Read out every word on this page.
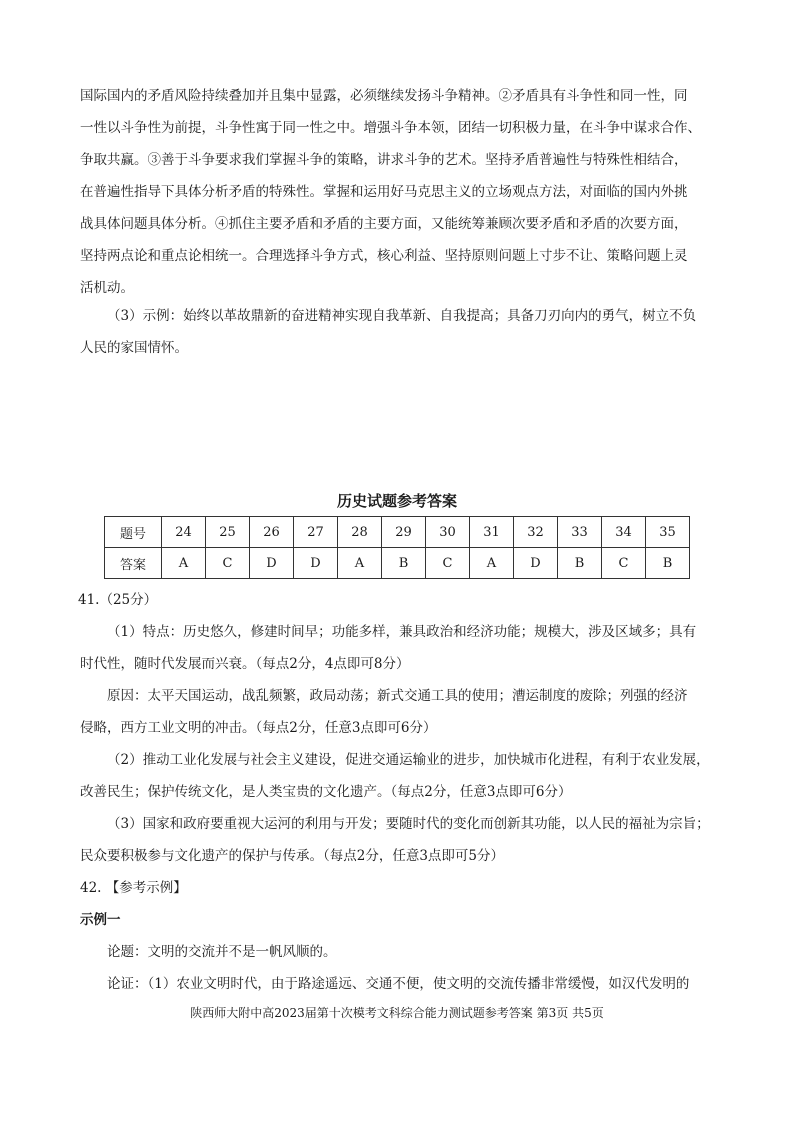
国际国内的矛盾风险持续叠加并且集中显露，必须继续发扬斗争精神。②矛盾具有斗争性和同一性，同
一性以斗争性为前提，斗争性寓于同一性之中。增强斗争本领，团结一切积极力量，在斗争中谋求合作、
争取共赢。③善于斗争要求我们掌握斗争的策略，讲求斗争的艺术。坚持矛盾普遍性与特殊性相结合，
在普遍性指导下具体分析矛盾的特殊性。掌握和运用好马克思主义的立场观点方法，对面临的国内外挑
战具体问题具体分析。④抓住主要矛盾和矛盾的主要方面，又能统筹兼顾次要矛盾和矛盾的次要方面，
坚持两点论和重点论相统一。合理选择斗争方式，核心利益、坚持原则问题上寸步不让、策略问题上灵
活机动。
（3）示例：始终以革故鼎新的奋进精神实现自我革新、自我提高；具备刀刃向内的勇气，树立不负
人民的家国情怀。
历史试题参考答案
题号	24	25	26	27	28	29	30	31	32	33	34	35
答案	A	C	D	D	A	B	C	A	D	B	C	B
41.（25分）
（1）特点：历史悠久，修建时间早；功能多样，兼具政治和经济功能；规模大，涉及区域多；具有
时代性，随时代发展而兴衰。（每点2分，4点即可8分）
原因：太平天国运动，战乱频繁，政局动荡；新式交通工具的使用；漕运制度的废除；列强的经济
侵略，西方工业文明的冲击。（每点2分，任意3点即可6分）
（2）推动工业化发展与社会主义建设，促进交通运输业的进步，加快城市化进程，有利于农业发展，
改善民生；保护传统文化，是人类宝贵的文化遗产。（每点2分，任意3点即可6分）
（3）国家和政府要重视大运河的利用与开发；要随时代的变化而创新其功能，以人民的福祉为宗旨；
民众要积极参与文化遗产的保护与传承。（每点2分，任意3点即可5分）
42. 【参考示例】
示例一
论题：文明的交流并不是一帆风顺的。
论证：（1）农业文明时代，由于路途遥远、交通不便，使文明的交流传播非常缓慢，如汉代发明的
陕西师大附中高2023届第十次模考文科综合能力测试题参考答案 第3页 共5页
